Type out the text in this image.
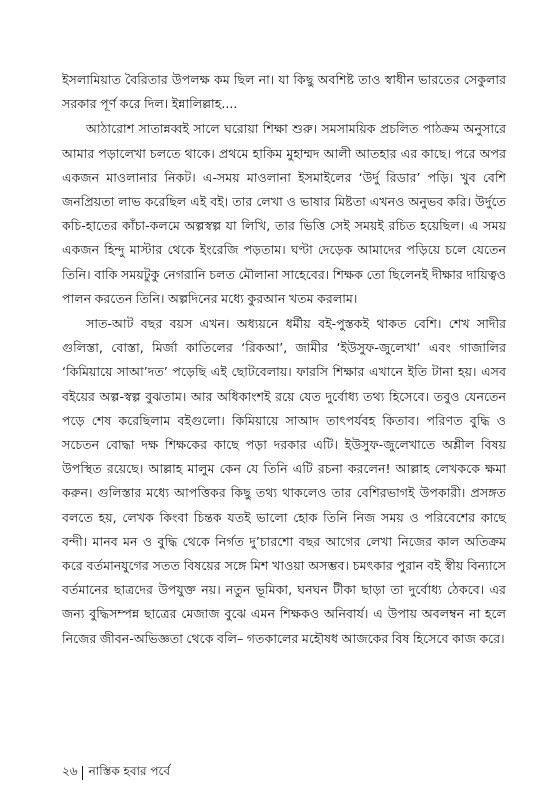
ইসলামিয়াত বৈরিতার উপলক্ষ কম ছিল না। যা কিছু অবশিষ্ট তাও স্বাধীন ভারতের সেকুলার সরকার পূর্ণ করে দিল। ইন্নালিল্লাহ....

আঠারোশ সাতান্নব্বই সালে ঘরোয়া শিক্ষা শুরু। সমসাময়িক প্রচলিত পাঠক্রম অনুসারে আমার পড়ালেখা চলতে থাকে। প্রথমে হাকিম মুহাম্মদ আলী আতহার এর কাছে। পরে অপর একজন মাওলানার নিকট। এ-সময় মাওলানা ইসমাইলের ‘উর্দু রিডার’ পড়ি। খুব বেশি জনপ্রিয়তা লাভ করেছিল এই বই। তার লেখা ও ভাষার মিষ্টতা এখনও অনুভব করি। উর্দুতে কচি-হাতের কাঁচা-কলমে অল্পস্বল্প যা লিখি, তার ভিত্তি সেই সময়ই রচিত হয়েছিল। এ সময় একজন হিন্দু মাস্টার থেকে ইংরেজি পড়তাম। ঘণ্টা দেড়েক আমাদের পড়িয়ে চলে যেতেন তিনি। বাকি সময়টুকু নেগরানি চলত মৌলানা সাহেবের। শিক্ষক তো ছিলেনই দীক্ষার দায়িত্বও পালন করতেন তিনি। অল্পদিনের মধ্যে কুরআন খতম করলাম।

সাত-আট বছর বয়স এখন। অধ্যয়নে ধর্মীয় বই-পুস্তকই থাকত বেশি। শেখ সাদীর গুলিস্তা, বোস্তা, মির্জা কাতিলের ‘রিকআ’, জামীর ‘ইউসুফ-জুলেখা’ এবং গাজালির ‘কিমিয়ায়ে সাআ’দত’ পড়েছি এই ছোটবেলায়। ফারসি শিক্ষার এখানে ইতি টানা হয়। এসব বইয়ের অল্প-স্বল্প বুঝতাম। আর অধিকাংশই রয়ে যেত দুর্বোধ্য তথ্য হিসেবে। তবুও যেনতেন পড়ে শেষ করেছিলাম বইগুলো। কিমিয়ায়ে সাআদ তাৎপর্যবহ কিতাব। পরিণত বুদ্ধি ও সচেতন বোদ্ধা দক্ষ শিক্ষকের কাছে পড়া দরকার এটি। ইউসুফ-জুলেখাতে অশ্লীল বিষয় উপস্থিত রয়েছে। আল্লাহ মালুম কেন যে তিনি এটি রচনা করলেন! আল্লাহ লেখককে ক্ষমা করুন। গুলিস্তার মধ্যে আপত্তিকর কিছু তথ্য থাকলেও তার বেশিরভাগই উপকারী। প্রসঙ্গত বলতে হয়, লেখক কিংবা চিন্তক যতই ভালো হোক তিনি নিজ সময় ও পরিবেশের কাছে বন্দী। মানব মন ও বুদ্ধি থেকে নির্গত দু’চারশো বছর আগের লেখা নিজের কাল অতিক্রম করে বর্তমানযুগের সতত বিষয়ের সঙ্গে মিশ খাওয়া অসম্ভব। চমৎকার পুরান বই স্বীয় বিন্যাসে বর্তমানের ছাত্রদের উপযুক্ত নয়। নতুন ভূমিকা, ঘনঘন টীকা ছাড়া তা দুর্বোধ্য ঠেকবে। এর জন্য বুদ্ধিসম্পন্ন ছাত্রের মেজাজ বুঝে এমন শিক্ষকও অনিবার্য। এ উপায় অবলম্বন না হলে নিজের জীবন-অভিজ্ঞতা থেকে বলি– গতকালের মহৌষধ আজকের বিষ হিসেবে কাজ করে।

২৬ নাস্তিক হবার পর্বে
